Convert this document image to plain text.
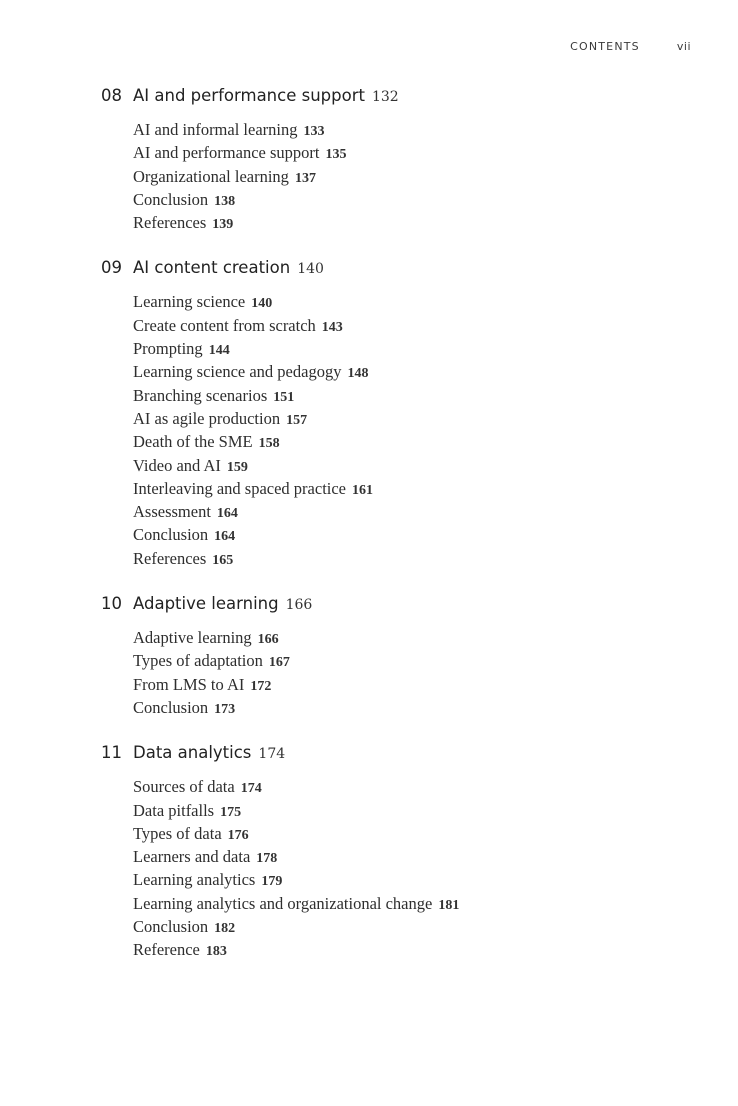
CONTENTS	vii
08 AI and performance support 132
AI and informal learning 133
AI and performance support 135
Organizational learning 137
Conclusion 138
References 139
09 AI content creation 140
Learning science 140
Create content from scratch 143
Prompting 144
Learning science and pedagogy 148
Branching scenarios 151
AI as agile production 157
Death of the SME 158
Video and AI 159
Interleaving and spaced practice 161
Assessment 164
Conclusion 164
References 165
10 Adaptive learning 166
Adaptive learning 166
Types of adaptation 167
From LMS to AI 172
Conclusion 173
11 Data analytics 174
Sources of data 174
Data pitfalls 175
Types of data 176
Learners and data 178
Learning analytics 179
Learning analytics and organizational change 181
Conclusion 182
Reference 183
